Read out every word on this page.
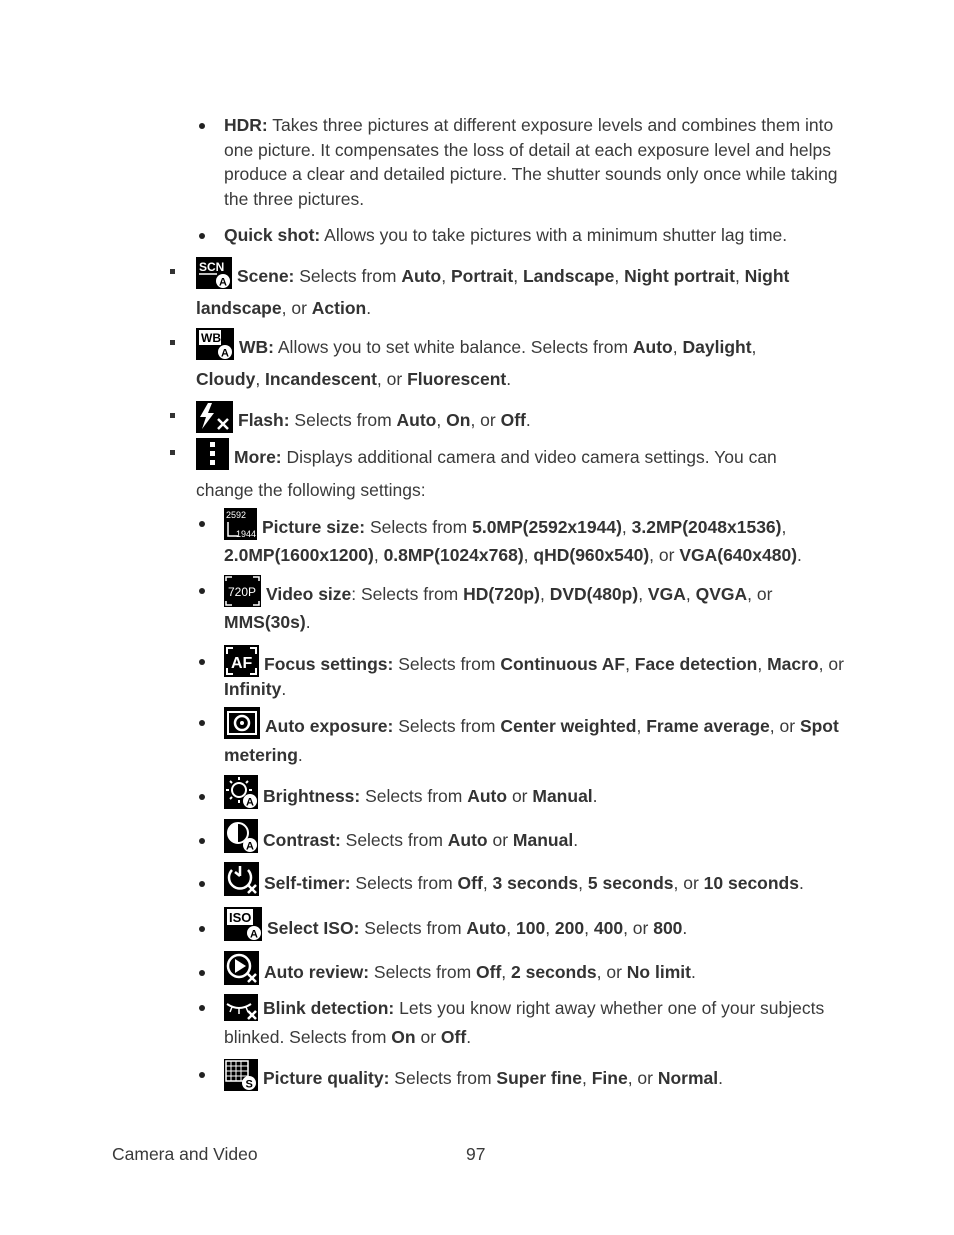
HDR: Takes three pictures at different exposure levels and combines them into one picture. It compensates the loss of detail at each exposure level and helps produce a clear and detailed picture. The shutter sounds only once while taking the three pictures.
Quick shot: Allows you to take pictures with a minimum shutter lag time.
SCN
A Scene: Selects from Auto, Portrait, Landscape, Night portrait, Night landscape, or Action.
WB
A WB: Allows you to set white balance. Selects from Auto, Daylight, Cloudy, Incandescent, or Fluorescent.
Flash: Selects from Auto, On, or Off.
More: Displays additional camera and video camera settings. You can change the following settings:
2592
1944 Picture size: Selects from 5.0MP(2592x1944), 3.2MP(2048x1536), 2.0MP(1600x1200), 0.8MP(1024x768), qHD(960x540), or VGA(640x480).
720P Video size: Selects from HD(720p), DVD(480p), VGA, QVGA, or MMS(30s).
AF Focus settings: Selects from Continuous AF, Face detection, Macro, or Infinity.
Auto exposure: Selects from Center weighted, Frame average, or Spot metering.
A Brightness: Selects from Auto or Manual.
A Contrast: Selects from Auto or Manual.
Self-timer: Selects from Off, 3 seconds, 5 seconds, or 10 seconds.
ISO
A Select ISO: Selects from Auto, 100, 200, 400, or 800.
Auto review: Selects from Off, 2 seconds, or No limit.
Blink detection: Lets you know right away whether one of your subjects blinked. Selects from On or Off.
S Picture quality: Selects from Super fine, Fine, or Normal.
Camera and Video	97
